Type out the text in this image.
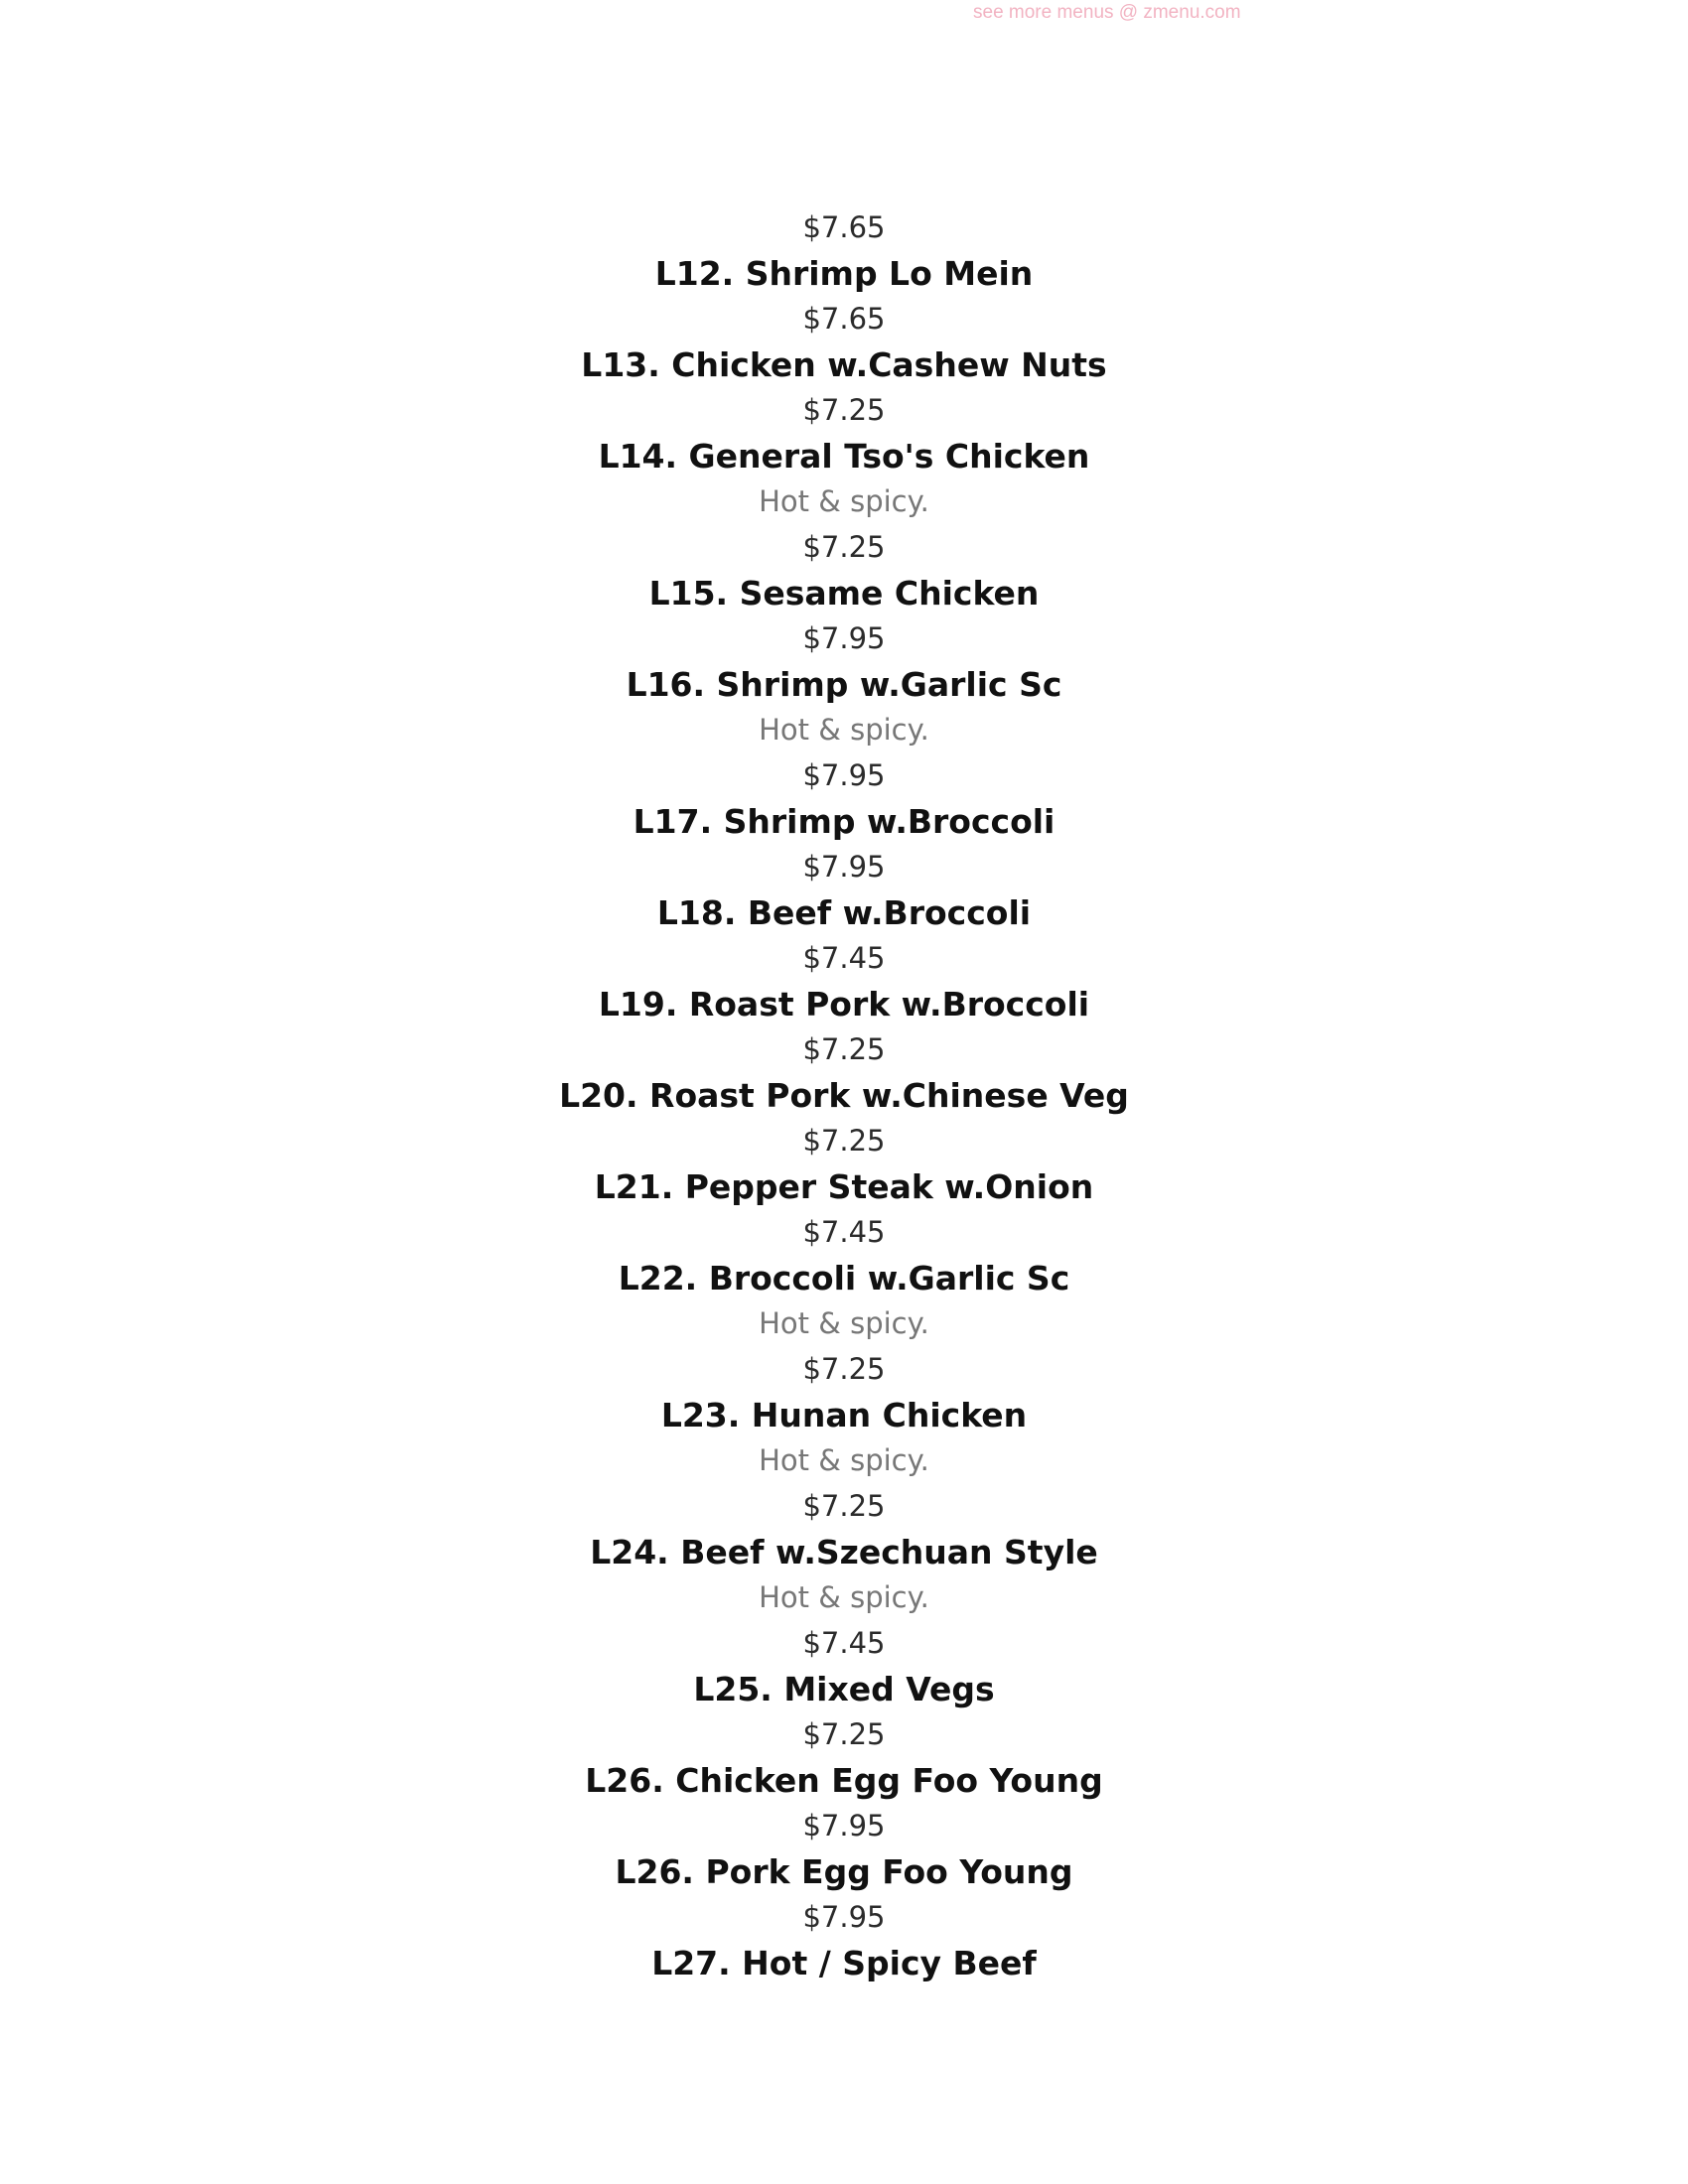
see more menus @ zmenu.com
$7.65
L12. Shrimp Lo Mein
$7.65
L13. Chicken w.Cashew Nuts
$7.25
L14. General Tso's Chicken
Hot & spicy.
$7.25
L15. Sesame Chicken
$7.95
L16. Shrimp w.Garlic Sc
Hot & spicy.
$7.95
L17. Shrimp w.Broccoli
$7.95
L18. Beef w.Broccoli
$7.45
L19. Roast Pork w.Broccoli
$7.25
L20. Roast Pork w.Chinese Veg
$7.25
L21. Pepper Steak w.Onion
$7.45
L22. Broccoli w.Garlic Sc
Hot & spicy.
$7.25
L23. Hunan Chicken
Hot & spicy.
$7.25
L24. Beef w.Szechuan Style
Hot & spicy.
$7.45
L25. Mixed Vegs
$7.25
L26. Chicken Egg Foo Young
$7.95
L26. Pork Egg Foo Young
$7.95
L27. Hot / Spicy Beef
